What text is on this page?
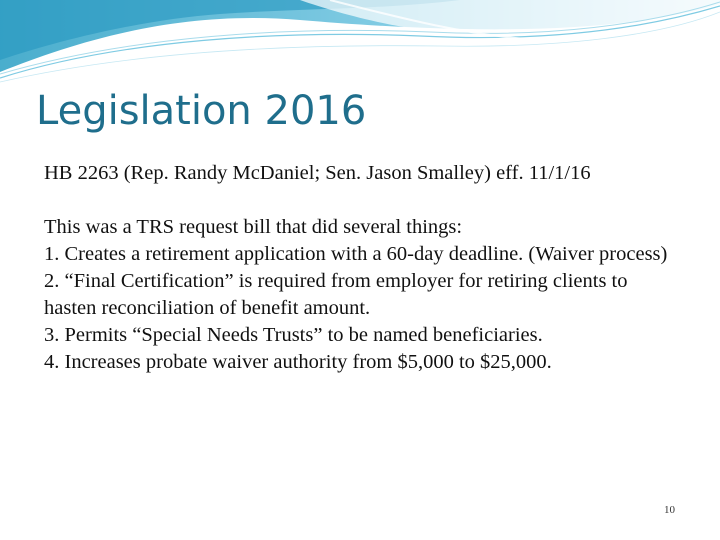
Legislation 2016

HB 2263 (Rep. Randy McDaniel; Sen. Jason Smalley) eff. 11/1/16

This was a TRS request bill that did several things:

1. Creates a retirement application with a 60-day deadline. (Waiver process)

2. “Final Certification” is required from employer for retiring clients to hasten reconciliation of benefit amount.

3. Permits “Special Needs Trusts” to be named beneficiaries.

4. Increases probate waiver authority from $5,000 to $25,000.

10
